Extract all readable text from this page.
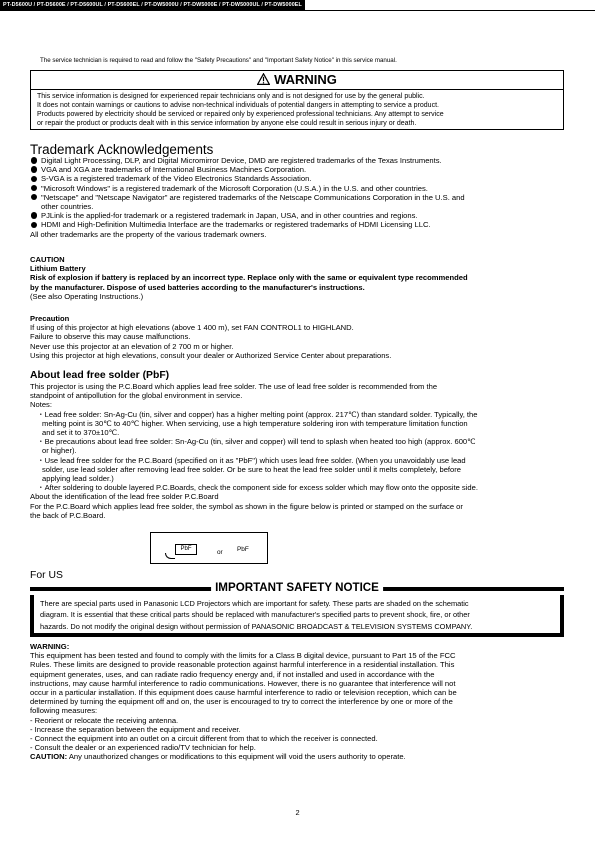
PT-D5600U / PT-D5600E / PT-D5600UL / PT-D5600EL / PT-DW5000U / PT-DW5000E / PT-DW5000UL / PT-DW5000EL
The service technician is required to read and follow the "Safety Precautions" and "Important Safety Notice" in this service manual.
WARNING
This service information is designed for experienced repair technicians only and is not designed for use by the general public.
It does not contain warnings or cautions to advise non-technical individuals of potential dangers in attempting to service a product.
Products powered by electricity should be serviced or repaired only by experienced professional technicians. Any attempt to service
or repair the product or products dealt with in this service information by anyone else could result in serious injury or death.
Trademark Acknowledgements
Digital Light Processing, DLP, and Digital Micromirror Device, DMD are registered trademarks of the Texas Instruments.
VGA and XGA are trademarks of International Business Machines Corporation.
S-VGA is a registered trademark of the Video Electronics Standards Association.
"Microsoft Windows" is a registered trademark of the Microsoft Corporation (U.S.A.) in the U.S. and other countries.
"Netscape" and "Netscape Navigator" are registered trademarks of the Netscape Communications Corporation in the U.S. and
other countries.
PJLink is the applied-for trademark or a registered trademark in Japan, USA, and in other countries and regions.
HDMI and High-Definition Multimedia Interface are the trademarks or registered trademarks of HDMI Licensing LLC.
All other trademarks are the property of the various trademark owners.
CAUTION
Lithium Battery
Risk of explosion if battery is replaced by an incorrect type. Replace only with the same or equivalent type recommended
by the manufacturer. Dispose of used batteries according to the manufacturer's instructions.
(See also Operating Instructions.)
Precaution
If using of this projector at high elevations (above 1 400 m), set FAN CONTROL1 to HIGHLAND.
Failure to observe this may cause malfunctions.
Never use this projector at an elevation of 2 700 m or higher.
Using this projector at high elevations, consult your dealer or Authorized Service Center about preparations.
About lead free solder (PbF)
This projector is using the P.C.Board which applies lead free solder. The use of lead free solder is recommended from the
standpoint of antipollution for the global environment in service.
Notes:
・Lead free solder: Sn-Ag-Cu (tin, silver and copper) has a higher melting point (approx. 217℃) than standard solder. Typically, the
melting point is 30℃ to 40℃ higher. When servicing, use a high temperature soldering iron with temperature limitation function
and set it to 370±10℃.
・Be precautions about lead free solder: Sn-Ag-Cu (tin, silver and copper) will tend to splash when heated too high (approx. 600℃
or higher).
・Use lead free solder for the P.C.Board (specified on it as "PbF") which uses lead free solder. (When you unavoidably use lead
solder, use lead solder after removing lead free solder. Or be sure to heat the lead free solder until it melts completely, before
applying lead solder.)
・After soldering to double layered P.C.Boards, check the component side for excess solder which may flow onto the opposite side.
About the identification of the lead free solder P.C.Board
For the P.C.Board which applies lead free solder, the symbol as shown in the figure below is printed or stamped on the surface or
the back of P.C.Board.
PbF	or PbF
For US
IMPORTANT SAFETY NOTICE
There are special parts used in Panasonic LCD Projectors which are important for safety. These parts are shaded on the schematic
diagram. It is essential that these critical parts should be replaced with manufacturer's specified parts to prevent shock, fire, or other
hazards. Do not modify the original design without permission of PANASONIC BROADCAST & TELEVISION SYSTEMS COMPANY.
WARNING:
This equipment has been tested and found to comply with the limits for a Class B digital device, pursuant to Part 15 of the FCC
Rules. These limits are designed to provide reasonable protection against harmful interference in a residential installation. This
equipment generates, uses, and can radiate radio frequency energy and, if not installed and used in accordance with the
instructions, may cause harmful interference to radio communications. However, there is no guarantee that interference will not
occur in a particular installation. If this equipment does cause harmful interference to radio or television reception, which can be
determined by turning the equipment off and on, the user is encouraged to try to correct the interference by one or more of the
following measures:
- Reorient or relocate the receiving antenna.
- Increase the separation between the equipment and receiver.
- Connect the equipment into an outlet on a circuit different from that to which the receiver is connected.
- Consult the dealer or an experienced radio/TV technician for help.
CAUTION: Any unauthorized changes or modifications to this equipment will void the users authority to operate.
2
